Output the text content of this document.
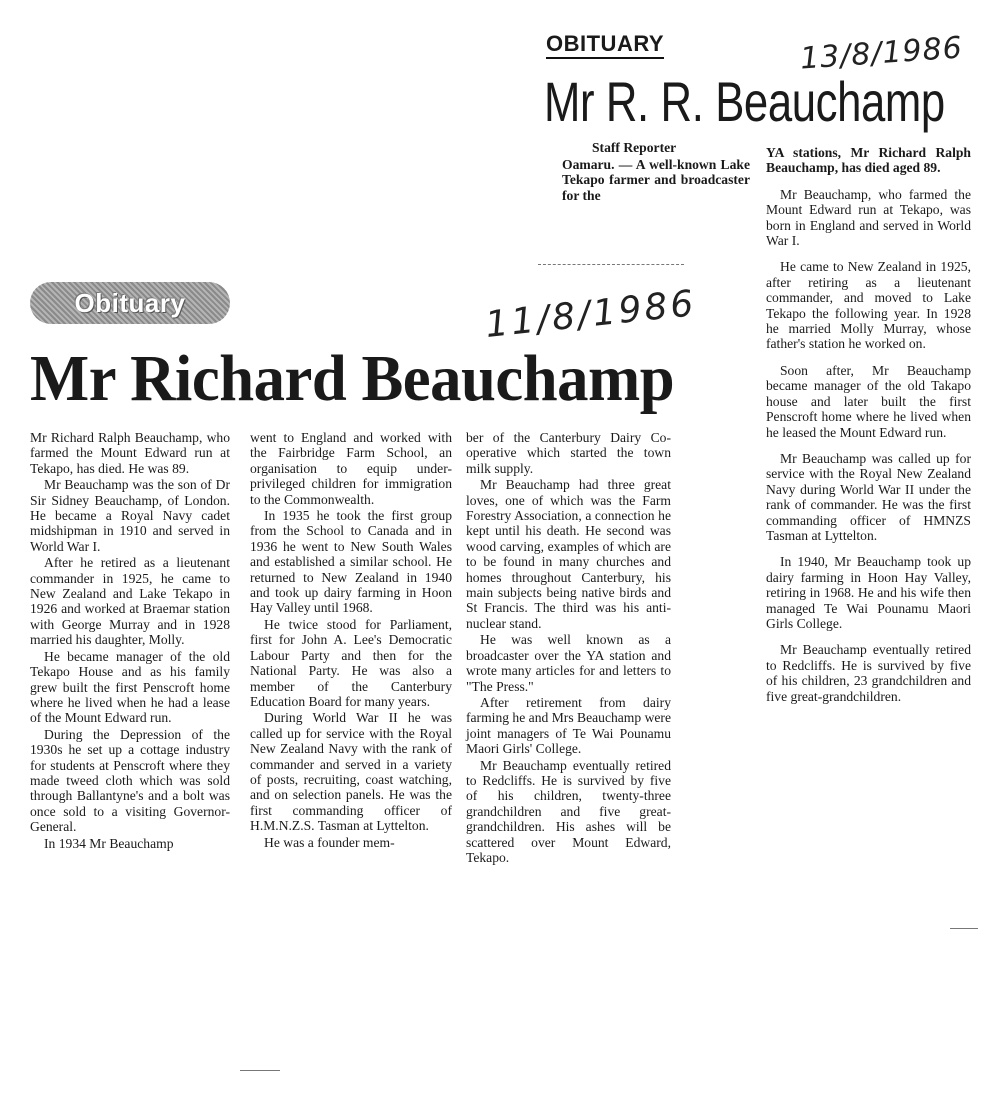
OBITUARY	13/8/1986
Mr R. R. Beauchamp
Staff Reporter

Oamaru. — A well-known Lake Tekapo farmer and broadcaster for the

YA stations, Mr Richard Ralph Beauchamp, has died aged 89.

Mr Beauchamp, who farmed the Mount Edward run at Tekapo, was born in England and served in World War I.

He came to New Zealand in 1925, after retiring as a lieutenant commander, and moved to Lake Tekapo the following year. In 1928 he married Molly Murray, whose father's station he worked on.

Soon after, Mr Beauchamp became manager of the old Takapo house and later built the first Penscroft home where he lived when he leased the Mount Edward run.

Mr Beauchamp was called up for service with the Royal New Zealand Navy during World War II under the rank of commander. He was the first commanding officer of HMNZS Tasman at Lyttelton.

In 1940, Mr Beauchamp took up dairy farming in Hoon Hay Valley, retiring in 1968. He and his wife then managed Te Wai Pounamu Maori Girls College.

Mr Beauchamp eventually retired to Redcliffs. He is survived by five of his children, 23 grandchildren and five great-grandchildren.

Obituary	11/8/1986
Mr Richard Beauchamp

Mr Richard Ralph Beauchamp, who farmed the Mount Edward run at Tekapo, has died. He was 89.

Mr Beauchamp was the son of Dr Sir Sidney Beauchamp, of London. He became a Royal Navy cadet midshipman in 1910 and served in World War I.

After he retired as a lieutenant commander in 1925, he came to New Zealand and Lake Tekapo in 1926 and worked at Braemar station with George Murray and in 1928 married his daughter, Molly.

He became manager of the old Tekapo House and as his family grew built the first Penscroft home where he lived when he had a lease of the Mount Edward run.

During the Depression of the 1930s he set up a cottage industry for students at Penscroft where they made tweed cloth which was sold through Ballantyne's and a bolt was once sold to a visiting Governor-General.

In 1934 Mr Beauchamp

went to England and worked with the Fairbridge Farm School, an organisation to equip under-privileged children for immigration to the Commonwealth.

In 1935 he took the first group from the School to Canada and in 1936 he went to New South Wales and established a similar school. He returned to New Zealand in 1940 and took up dairy farming in Hoon Hay Valley until 1968.

He twice stood for Parliament, first for John A. Lee's Democratic Labour Party and then for the National Party. He was also a member of the Canterbury Education Board for many years.

During World War II he was called up for service with the Royal New Zealand Navy with the rank of commander and served in a variety of posts, recruiting, coast watching, and on selection panels. He was the first commanding officer of H.M.N.Z.S. Tasman at Lyttelton.

He was a founder mem-

ber of the Canterbury Dairy Co-operative which started the town milk supply.

Mr Beauchamp had three great loves, one of which was the Farm Forestry Association, a connection he kept until his death. He second was wood carving, examples of which are to be found in many churches and homes throughout Canterbury, his main subjects being native birds and St Francis. The third was his anti-nuclear stand.

He was well known as a broadcaster over the YA station and wrote many articles for and letters to "The Press."

After retirement from dairy farming he and Mrs Beauchamp were joint managers of Te Wai Pounamu Maori Girls' College.

Mr Beauchamp eventually retired to Redcliffs. He is survived by five of his children, twenty-three grandchildren and five great-grandchildren. His ashes will be scattered over Mount Edward, Tekapo.
